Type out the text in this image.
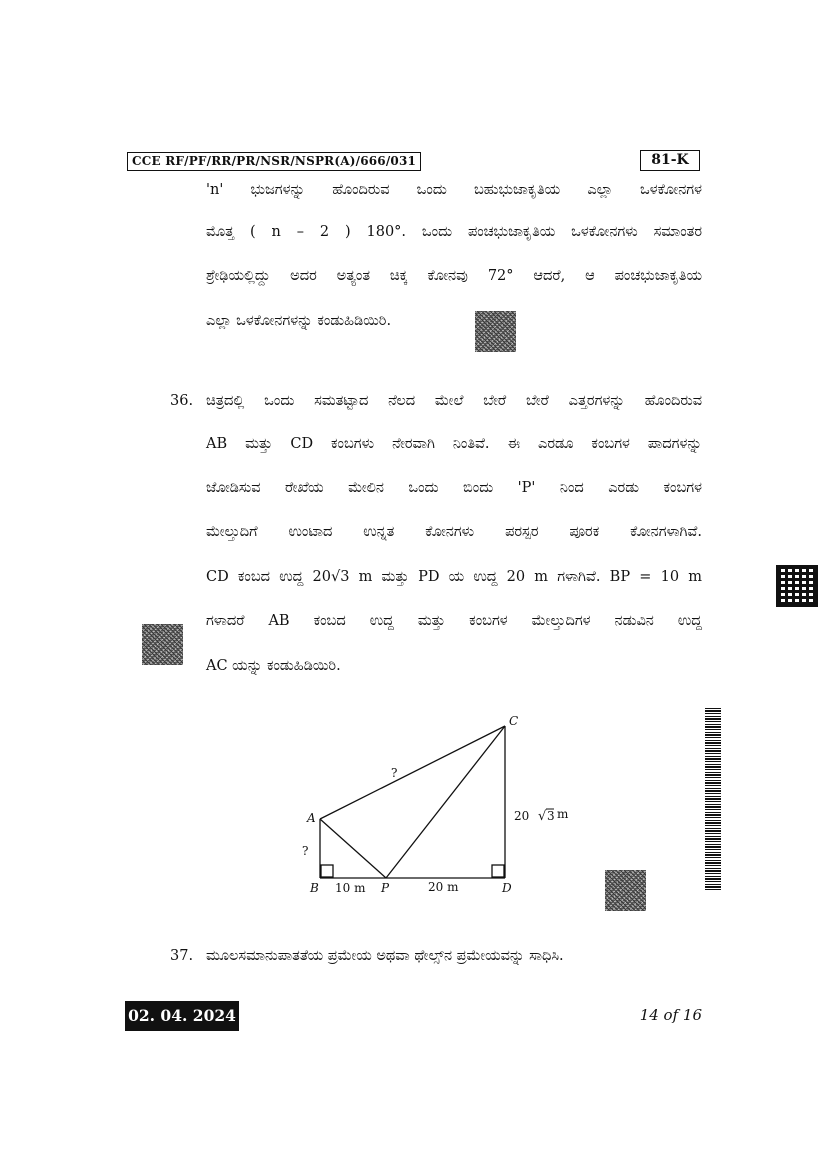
CCE RF/PF/RR/PR/NSR/NSPR(A)/666/031	81-K
'n' ಭುಜಗಳನ್ನು ಹೊಂದಿರುವ ಒಂದು ಬಹುಭುಜಾಕೃತಿಯ ಎಲ್ಲಾ ಒಳಕೋನಗಳ
ಮೊತ್ತ ( n – 2 ) 180°. ಒಂದು ಪಂಚಭುಜಾಕೃತಿಯ ಒಳಕೋನಗಳು ಸಮಾಂತರ
ಶ್ರೇಢಿಯಲ್ಲಿದ್ದು ಅದರ ಅತ್ಯಂತ ಚಿಕ್ಕ ಕೋನವು 72° ಆದರೆ, ಆ ಪಂಚಭುಜಾಕೃತಿಯ
ಎಲ್ಲಾ ಒಳಕೋನಗಳನ್ನು ಕಂಡುಹಿಡಿಯಿರಿ.
36. ಚಿತ್ರದಲ್ಲಿ ಒಂದು ಸಮತಟ್ಟಾದ ನೆಲದ ಮೇಲೆ ಬೇರೆ ಬೇರೆ ಎತ್ತರಗಳನ್ನು ಹೊಂದಿರುವ
AB ಮತ್ತು CD ಕಂಬಗಳು ನೇರವಾಗಿ ನಿಂತಿವೆ. ಈ ಎರಡೂ ಕಂಬಗಳ ಪಾದಗಳನ್ನು
ಜೋಡಿಸುವ ರೇಖೆಯ ಮೇಲಿನ ಒಂದು ಬಿಂದು 'P' ನಿಂದ ಎರಡು ಕಂಬಗಳ
ಮೇಲ್ತುದಿಗೆ ಉಂಟಾದ ಉನ್ನತ ಕೋನಗಳು ಪರಸ್ಪರ ಪೂರಕ ಕೋನಗಳಾಗಿವೆ.
CD ಕಂಬದ ಉದ್ದ 20√3 m ಮತ್ತು PD ಯ ಉದ್ದ 20 m ಗಳಾಗಿವೆ. BP = 10 m
ಗಳಾದರೆ AB ಕಂಬದ ಉದ್ದ ಮತ್ತು ಕಂಬಗಳ ಮೇಲ್ತುದಿಗಳ ನಡುವಿನ ಉದ್ದ
AC ಯನ್ನು ಕಂಡುಹಿಡಿಯಿರಿ.
A
B
C
D
P
?
?
10 m	20 m
20 √ 3 m
37. ಮೂಲಸಮಾನುಪಾತತೆಯ ಪ್ರಮೇಯ ಅಥವಾ ಥೇಲ್ಸ್‌ನ ಪ್ರಮೇಯವನ್ನು ಸಾಧಿಸಿ.
02. 04. 2024	14 of 16
